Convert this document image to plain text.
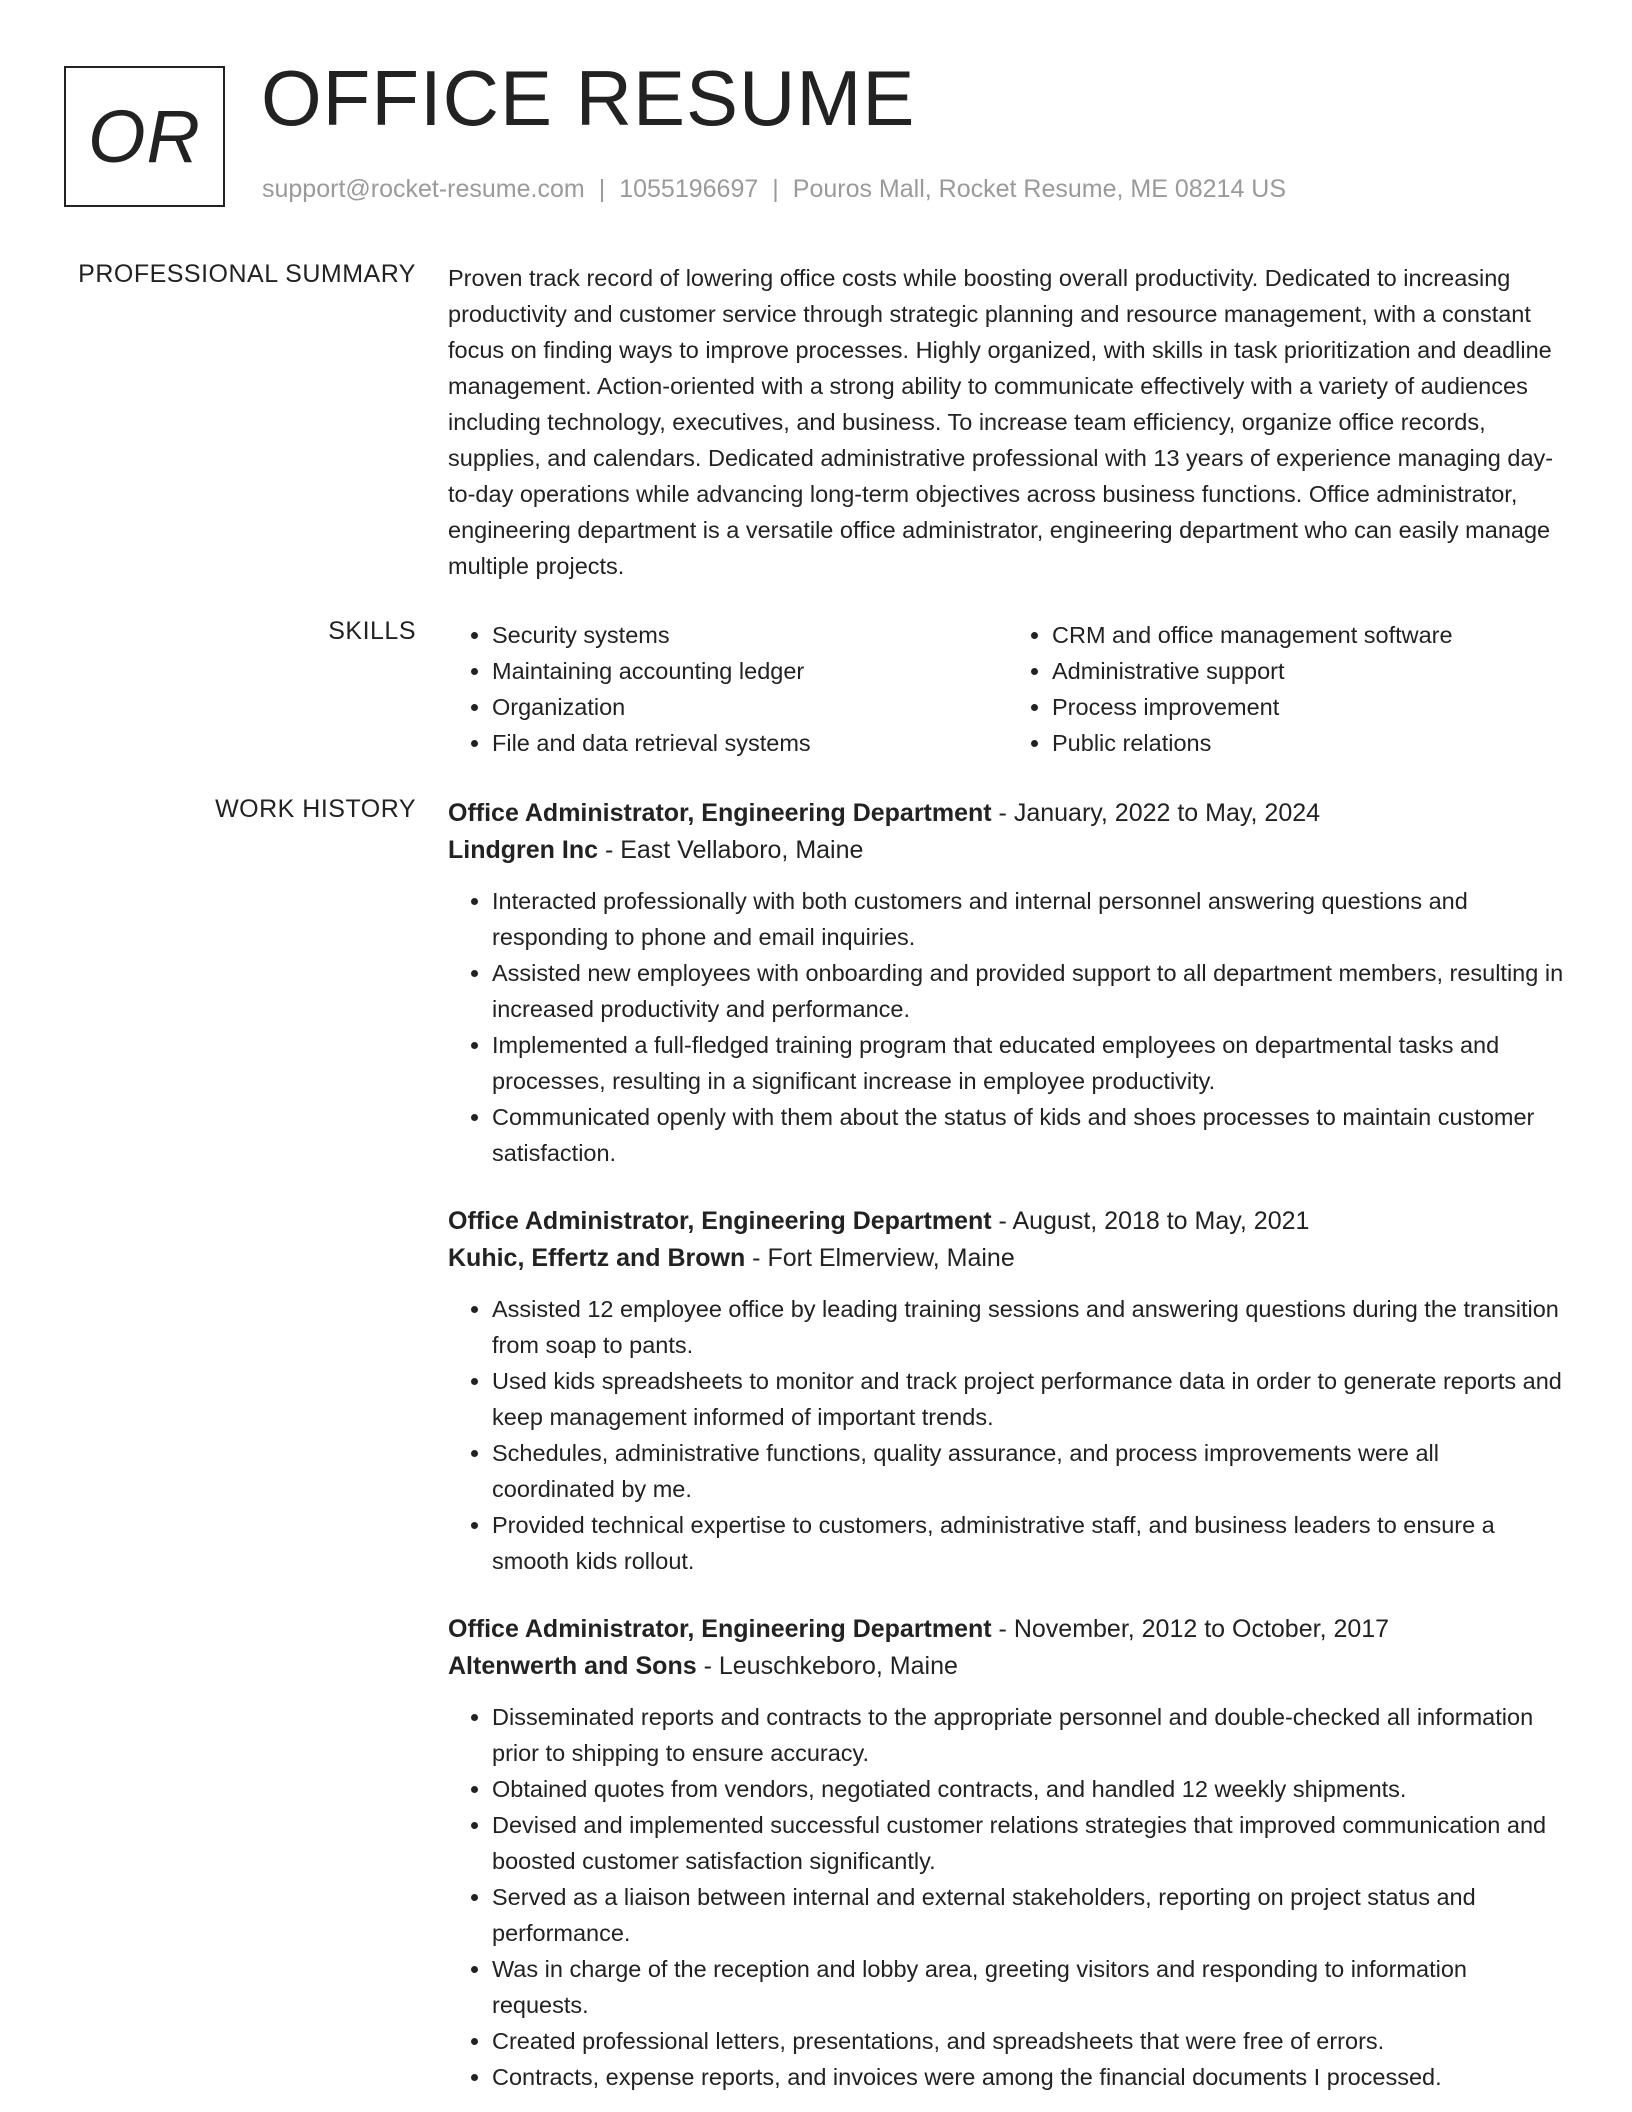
OR OFFICE RESUME
support@rocket-resume.com | 1055196697 | Pouros Mall, Rocket Resume, ME 08214 US
PROFESSIONAL SUMMARY Proven track record of lowering office costs while boosting overall productivity. Dedicated to increasing productivity and customer service through strategic planning and resource management, with a constant focus on finding ways to improve processes. Highly organized, with skills in task prioritization and deadline management. Action-oriented with a strong ability to communicate effectively with a variety of audiences including technology, executives, and business. To increase team efficiency, organize office records, supplies, and calendars. Dedicated administrative professional with 13 years of experience managing day-to-day operations while advancing long-term objectives across business functions. Office administrator, engineering department is a versatile office administrator, engineering department who can easily manage multiple projects.

SKILLS
•	Security systems
• Maintaining accounting ledger
• Organization
• File and data retrieval systems
• CRM and office management software
• Administrative support
• Process improvement
• Public relations
WORK HISTORY Office Administrator, Engineering Department - January, 2022 to May, 2024
Lindgren Inc - East Vellaboro, Maine
• Interacted professionally with both customers and internal personnel answering questions and responding to phone and email inquiries.
• Assisted new employees with onboarding and provided support to all department members, resulting in increased productivity and performance.
• Implemented a full-fledged training program that educated employees on departmental tasks and processes, resulting in a significant increase in employee productivity.
• Communicated openly with them about the status of kids and shoes processes to maintain customer satisfaction.
Office Administrator, Engineering Department - August, 2018 to May, 2021
Kuhic, Effertz and Brown - Fort Elmerview, Maine
• Assisted 12 employee office by leading training sessions and answering questions during the transition from soap to pants.
• Used kids spreadsheets to monitor and track project performance data in order to generate reports and keep management informed of important trends.
• Schedules, administrative functions, quality assurance, and process improvements were all coordinated by me.
• Provided technical expertise to customers, administrative staff, and business leaders to ensure a smooth kids rollout.
Office Administrator, Engineering Department - November, 2012 to October, 2017
Altenwerth and Sons - Leuschkeboro, Maine
• Disseminated reports and contracts to the appropriate personnel and double-checked all information prior to shipping to ensure accuracy.
• Obtained quotes from vendors, negotiated contracts, and handled 12 weekly shipments.
• Devised and implemented successful customer relations strategies that improved communication and boosted customer satisfaction significantly.
• Served as a liaison between internal and external stakeholders, reporting on project status and performance.
• Was in charge of the reception and lobby area, greeting visitors and responding to information requests.
• Created professional letters, presentations, and spreadsheets that were free of errors.
• Contracts, expense reports, and invoices were among the financial documents I processed.
